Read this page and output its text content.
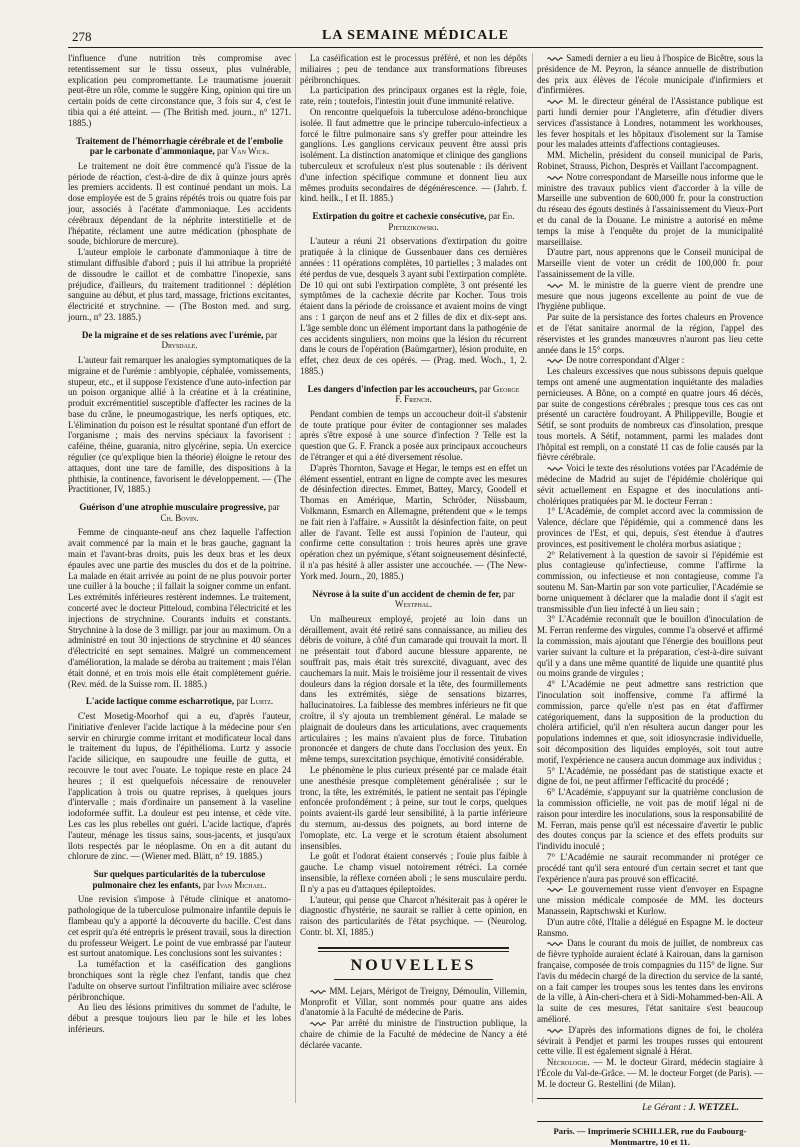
278	LA SEMAINE MÉDICALE

l'influence d'une nutrition très compromise avec retentissement sur le tissu osseux, plus vulnérable, explication peu compromettante. Le traumatisme jouerait peut-être un rôle, comme le suggère King, opinion qui tire un certain poids de cette circonstance que, 3 fois sur 4, c'est le tibia qui a été atteint. — (The British med. journ., n° 1271. 1885.)

Traitement de l'hémorrhagie cérébrale et de l'embolie par le carbonate d'ammoniaque, par Van Wick.

Le traitement ne doit être commencé qu'à l'issue de la période de réaction, c'est-à-dire de dix à quinze jours après les premiers accidents. Il est continué pendant un mois. La dose employée est de 5 grains répétés trois ou quatre fois par jour, associés à l'acétate d'ammoniaque. Les accidents cérébraux dépendant de la néphrite interstitielle et de l'hépatite, réclament une autre médication (phosphate de soude, bichlorure de mercure).

L'auteur emploie le carbonate d'ammoniaque à titre de stimulant diffusible d'abord ; puis il lui attribue la propriété de dissoudre le caillot et de combattre l'inopexie, sans préjudice, d'ailleurs, du traitement traditionnel : déplétion sanguine au début, et plus tard, massage, frictions excitantes, électricité et strychnine. — (The Boston med. and surg. journ., n° 23. 1885.)

De la migraine et de ses relations avec l'urémie, par Drysdale.

L'auteur fait remarquer les analogies symptomatiques de la migraine et de l'urémie : amblyopie, céphalée, vomissements, stupeur, etc., et il suppose l'existence d'une auto-infection par un poison organique allié à la créatine et à la créatinine, produit excrémentitiel susceptible d'affecter les racines de la base du crâne, le pneumogastrique, les nerfs optiques, etc. L'élimination du poison est le résultat spontané d'un effort de l'organisme ; mais des nervins spéciaux la favorisent : caféine, théine, guarania, nitro glycérine, sepia. Un exercice régulier (ce qu'explique bien la théorie) éloigne le retour des attaques, dont une tare de famille, des dispositions à la phthisie, la continence, favorisent le développement. — (The Practitioner, IV, 1885.)

Guérison d'une atrophie musculaire progressive, par Ch. Bovin.

Femme de cinquante-neuf ans chez laquelle l'affection avait commencé par la main et le bras gauche, gagnant la main et l'avant-bras droits, puis les deux bras et les deux épaules avec une partie des muscles du dos et de la poitrine. La malade en était arrivée au point de ne plus pouvoir porter une cuiller à la bouche ; il fallait la soigner comme un enfant. Les extrémités inférieures restèrent indemnes. Le traitement, concerté avec le docteur Pitteloud, combina l'électricité et les injections de strychnine. Courants induits et constants. Strychnine à la dose de 3 milligr. par jour au maximum. On a administré en tout 30 injections de strychnine et 40 séances d'électricité en sept semaines. Malgré un commencement d'amélioration, la malade se déroba au traitement ; mais l'élan était donné, et en trois mois elle était complètement guérie. (Rev. méd. de la Suisse rom. II. 1885.)

L'acide lactique comme escharrotique, par Lurtz.

C'est Mosetig-Moorhof qui a eu, d'après l'auteur, l'initiative d'enlever l'acide lactique à la médecine pour s'en servir en chirurgie comme irritant et modificateur local dans le traitement du lupus, de l'épithélioma. Lurtz y associe l'acide silicique, en saupoudre une feuille de gutta, et recouvre le tout avec l'ouate. Le topique reste en place 24 heures ; il est quelquefois nécessaire de renouveler l'application à trois ou quatre reprises, à quelques jours d'intervalle ; mais d'ordinaire un pansement à la vaseline iodoformée suffit. La douleur est peu intense, et cède vite. Les cas les plus rebelles ont guéri. L'acide lactique, d'après l'auteur, ménage les tissus sains, sous-jacents, et jusqu'aux îlots respectés par le néoplasme. On en a dit autant du chlorure de zinc. — (Wiener med. Blätt, n° 19. 1885.)

Sur quelques particularités de la tuberculose pulmonaire chez les enfants, par Ivan Michael.

Une revision s'impose à l'étude clinique et anatomo-pathologique de la tuberculose pulmonaire infantile depuis le flambeau qu'y a apporté la découverte du bacille. C'est dans cet esprit qu'a été entrepris le présent travail, sous la direction du professeur Weigert. Le point de vue embrassé par l'auteur est surtout anatomique. Les conclusions sont les suivantes :

La tuméfaction et la caséification des ganglions bronchiques sont la règle chez l'enfant, tandis que chez l'adulte on observe surtout l'infiltration miliaire avec sclérose péribronchique.

Au lieu des lésions primitives du sommet de l'adulte, le début a presque toujours lieu par le hile et les lobes inférieurs.

La caséification est le processus préféré, et non les dépôts miliaires ; peu de tendance aux transformations fibreuses péribronchiques.

La participation des principaux organes est la règle, foie, rate, rein ; toutefois, l'intestin jouit d'une immunité relative.

On rencontre quelquefois la tuberculose adéno-bronchique isolée. Il faut admettre que le principe tuberculo-infectieux a forcé le filtre pulmonaire sans s'y greffer pour atteindre les ganglions. Les ganglions cervicaux peuvent être aussi pris isolément. La distinction anatomique et clinique des ganglions tuberculeux et scrofuleux n'est plus soutenable : ils dérivent d'une infection spécifique commune et donnent lieu aux mêmes produits secondaires de dégénérescence. — (Jahrb. f. kind. heilk., I et II. 1885.)

Extirpation du goitre et cachexie consécutive, par Ed. Pietrzikowski.

L'auteur a réuni 21 observations d'extirpation du goitre pratiquée à la clinique de Gussenbauer dans ces dernières années : 11 opérations complètes, 10 partielles ; 3 malades ont été perdus de vue, desquels 3 ayant subi l'extirpation complète. De 10 qui ont subi l'extirpation complète, 3 ont présenté les symptômes de la cachexie décrite par Kocher. Tous trois étaient dans la période de croissance et avaient moins de vingt ans : 1 garçon de neuf ans et 2 filles de dix et dix-sept ans. L'âge semble donc un élément important dans la pathogénie de ces accidents singuliers, non moins que la lésion du récurrent dans le cours de l'opération (Baümgartner), lésion produite, en effet, chez deux de ces opérés. — (Prag. med. Woch., 1, 2. 1885.)

Les dangers d'infection par les accoucheurs, par George F. French.

Pendant combien de temps un accoucheur doit-il s'abstenir de toute pratique pour éviter de contagionner ses malades après s'être exposé à une source d'infection ? Telle est la question que G. F. Franck a posée aux principaux accoucheurs de l'étranger et qui a été diversement résolue.

D'après Thornton, Savage et Hegar, le temps est en effet un élément essentiel, entrant en ligne de compte avec les mesures de désinfection directes. Emmet, Battey, Marcy, Goodell et Thomas en Amérique, Martin, Schröder, Nüssbaum, Volkmann, Esmarch en Allemagne, prétendent que « le temps ne fait rien à l'affaire. » Aussitôt la désinfection faite, on peut aller de l'avant. Telle est aussi l'opinion de l'auteur, qui confirme cette consultation : trois heures après une grave opération chez un pyémique, s'étant soigneusement désinfecté, il n'a pas hésité à aller assister une accouchée. — (The New-York med. Journ., 20, 1885.)

Névrose à la suite d'un accident de chemin de fer, par Westphal.

Un malheureux employé, projeté au loin dans un déraillement, avait été retiré sans connaissance, au milieu des débris de voiture, à côté d'un camarade qui trouvait la mort. Il ne présentait tout d'abord aucune blessure apparente, ne souffrait pas, mais était très surexcité, divaguant, avec des cauchemars la nuit. Mais le troisième jour il ressentait de vives douleurs dans la région dorsale et la tête, des fourmillements dans les extrémités, siège de sensations bizarres, hallucinatoires. La faiblesse des membres inférieurs ne fit que croître, il s'y ajouta un tremblement général. Le malade se plaignait de douleurs dans les articulations, avec craquements articulaires ; les mains n'avaient plus de force. Titubation prononcée et dangers de chute dans l'occlusion des yeux. En même temps, surexcitation psychique, émotivité considérable.

Le phénomène le plus curieux présenté par ce malade était une anesthésie presque complètement généralisée ; sur le tronc, la tête, les extrémités, le patient ne sentait pas l'épingle enfoncée profondément ; à peine, sur tout le corps, quelques points avaient-ils gardé leur sensibilité, à la partie inférieure du sternum, au-dessus des poignets, au bord interne de l'omoplate, etc. La verge et le scrotum étaient absolument insensibles.

Le goût et l'odorat étaient conservés ; l'ouïe plus faible à gauche. Le champ visuel notoirement rétréci. La cornée insensible, la réflexe cornéen aboli ; le sens musculaire perdu. Il n'y a pas eu d'attaques épileptoïdes.

L'auteur, qui pense que Charcot n'hésiterait pas à opérer le diagnostic d'hystérie, ne saurait se rallier à cette opinion, en raison des particularités de l'état psychique. — (Neurolog. Contr. bl. XI, 1885.)

NOUVELLES

MM. Lejars, Mérigot de Treigny, Démoulin, Villemin, Monprofit et Villar, sont nommés pour quatre ans aides d'anatomie à la Faculté de médecine de Paris.

Par arrêté du ministre de l'instruction publique, la chaire de chimie de la Faculté de médecine de Nancy a été déclarée vacante.

Samedi dernier a eu lieu à l'hospice de Bicêtre, sous la présidence de M. Peyron, la séance annuelle de distribution des prix aux élèves de l'école municipale d'infirmiers et d'infirmières.

M. le directeur général de l'Assistance publique est parti lundi dernier pour l'Angleterre, afin d'étudier divers services d'assistance à Londres, notamment les workhouses, les fever hospitals et les hôpitaux d'isolement sur la Tamise pour les malades atteints d'affections contagieuses.

MM. Michelin, président du conseil municipal de Paris, Robinet, Strauss, Pichon, Desprès et Vaillant l'accompagnent.

Notre correspondant de Marseille nous informe que le ministre des travaux publics vient d'accorder à la ville de Marseille une subvention de 600,000 fr. pour la construction du réseau des égouts destinés à l'assainissement du Vieux-Port et du canal de la Douane. Le ministre a autorisé en même temps la mise à l'enquête du projet de la municipalité marseillaise.

D'autre part, nous apprenons que le Conseil municipal de Marseille vient de voter un crédit de 100,000 fr. pour l'assainissement de la ville.

M. le ministre de la guerre vient de prendre une mesure que nous jugeons excellente au point de vue de l'hygiène publique.

Par suite de la persistance des fortes chaleurs en Provence et de l'état sanitaire anormal de la région, l'appel des réservistes et les grandes manœuvres n'auront pas lieu cette année dans le 15° corps.

De notre correspondant d'Alger :

Les chaleurs excessives que nous subissons depuis quelque temps ont amené une augmentation inquiétante des maladies pernicieuses. A Bône, on a compté en quatre jours 46 décès, par suite de congestions cérébrales ; presque tous ces cas ont présenté un caractère foudroyant. A Philippeville, Bougie et Sétif, se sont produits de nombreux cas d'insolation, presque tous mortels. A Sétif, notamment, parmi les malades dont l'hôpital est rempli, on a constaté 11 cas de folie causés par la fièvre cérébrale.

Voici le texte des résolutions votées par l'Académie de médecine de Madrid au sujet de l'épidémie cholérique qui sévit actuellement en Espagne et des inoculations anti-cholériques pratiquées par M. le docteur Ferran :

1° L'Académie, de complet accord avec la commission de Valence, déclare que l'épidémie, qui a commencé dans les provinces de l'Est, et qui, depuis, s'est étendue à d'autres provinces, est positivement le choléra morbus asiatique ;

2° Relativement à la question de savoir si l'épidémie est plus contagieuse qu'infectieuse, comme l'affirme la commission, ou infectieuse et non contagieuse, comme l'a soutenu M. San-Martin par son vote particulier, l'Académie se borne uniquement à déclarer que la maladie dont il s'agit est transmissible d'un lieu infecté à un lieu sain ;

3° L'Académie reconnaît que le bouillon d'inoculation de M. Ferran renferme des virgules, comme l'a observé et affirmé la commission, mais ajoutant que l'énergie des bouillons peut varier suivant la culture et la préparation, c'est-à-dire suivant qu'il y a dans une même quantité de liquide une quantité plus ou moins grande de virgules ;

4° L'Académie ne peut admettre sans restriction que l'inoculation soit inoffensive, comme l'a affirmé la commission, parce qu'elle n'est pas en état d'affirmer catégoriquement, dans la supposition de la production du choléra artificiel, qu'il n'en résultera aucun danger pour les populations indemnes et que, soit idiosyncrasie individuelle, soit décomposition des liquides employés, soit tout autre motif, l'expérience ne causera aucun dommage aux individus ;

5° L'Académie, ne possédant pas de statistique exacte et digne de foi, ne peut affirmer l'efficacité du procédé ;

6° L'Académie, s'appuyant sur la quatrième conclusion de la commission officielle, ne voit pas de motif légal ni de raison pour interdire les inoculations, sous la responsabilité de M. Ferran, mais pense qu'il est nécessaire d'avertir le public des doutes conçus par la science et des effets produits sur l'individu inoculé ;

7° L'Académie ne saurait recommander ni protéger ce procédé tant qu'il sera entouré d'un certain secret et tant que l'expérience n'aura pas prouvé son efficacité.

Le gouvernement russe vient d'envoyer en Espagne une mission médicale composée de MM. les docteurs Manassein, Raptschwski et Kurlow.

D'un autre côté, l'Italie a délégué en Espagne M. le docteur Ransmo.

Dans le courant du mois de juillet, de nombreux cas de fièvre typhoïde auraient éclaté à Kairouan, dans la garnison française, composée de trois compagnies du 115° de ligne. Sur l'avis du médecin chargé de la direction du service de la santé, on a fait camper les troupes sous les tentes dans les environs de la ville, à Ain-cheri-chera et à Sidi-Mohammed-ben-Ali. A la suite de ces mesures, l'état sanitaire s'est beaucoup amélioré.

D'après des informations dignes de foi, le choléra sévirait à Pendjet et parmi les troupes russes qui entourent cette ville. Il est également signalé à Hérat.

Nécrologie. — M. le docteur Girard, médecin stagiaire à l'École du Val-de-Grâce. — M. le docteur Forget (de Paris). — M. le docteur G. Restellini (de Milan).

Le Gérant : J. WETZEL.
Paris. — Imprimerie SCHILLER, rue du Faubourg-Montmartre, 10 et 11.
